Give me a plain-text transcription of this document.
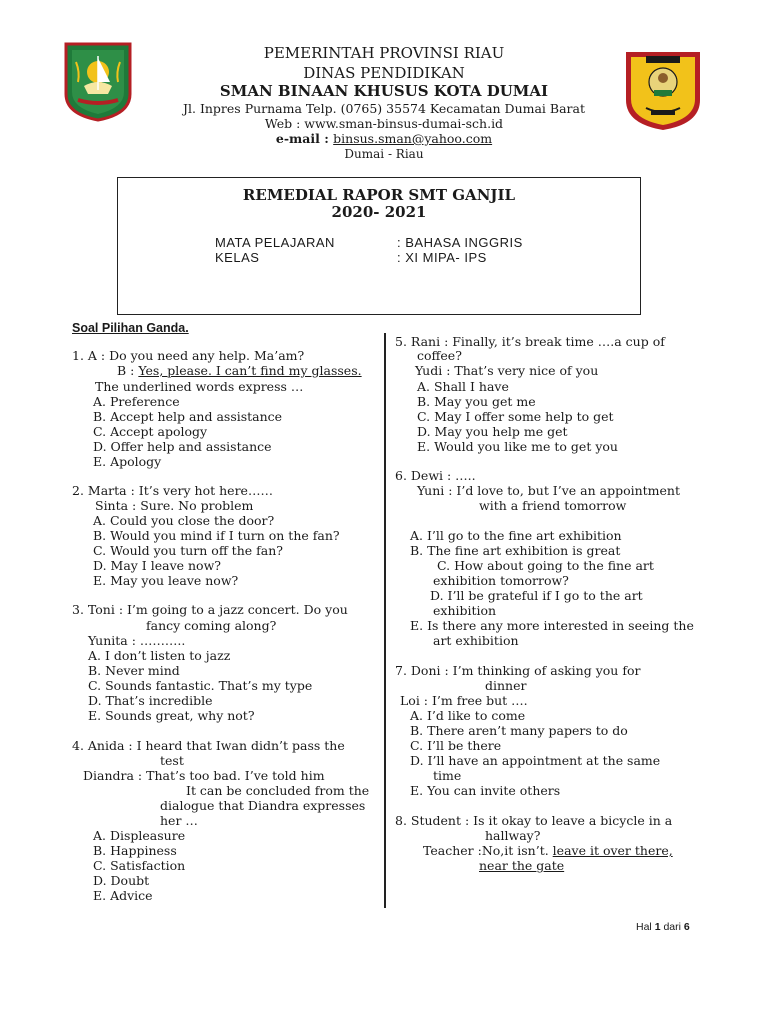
PEMERINTAH PROVINSI RIAU
DINAS PENDIDIKAN
SMAN BINAAN KHUSUS KOTA DUMAI
Jl. Inpres Purnama Telp. (0765) 35574 Kecamatan Dumai Barat
Web : www.sman-binsus-dumai-sch.id
e-mail : binsus.sman@yahoo.com
Dumai - Riau
REMEDIAL RAPOR SMT GANJIL
2020- 2021
MATA PELAJARAN	: BAHASA INGGRIS
KELAS	: XI MIPA- IPS
Soal Pilihan Ganda.
1. A : Do you need any help. Ma’am?
B : Yes, please. I can’t find my glasses.
The underlined words express …
A. Preference
B. Accept help and assistance
C. Accept apology
D. Offer help and assistance
E. Apology
2. Marta : It’s very hot here……
Sinta : Sure. No problem
A. Could you close the door?
B. Would you mind if I turn on the fan?
C. Would you turn off the fan?
D. May I leave now?
E. May you leave now?
3. Toni : I’m going to a jazz concert. Do you
fancy coming along?
Yunita : ………..
A. I don’t listen to jazz
B. Never mind
C. Sounds fantastic. That’s my type
D. That’s incredible
E. Sounds great, why not?
4. Anida : I heard that Iwan didn’t pass the
test
Diandra : That’s too bad. I’ve told him
It can be concluded from the
dialogue that Diandra expresses
her …
A. Displeasure
B. Happiness
C. Satisfaction
D. Doubt
E. Advice
5. Rani : Finally, it’s break time ….a cup of
coffee?
Yudi : That’s very nice of you
A. Shall I have
B. May you get me
C. May I offer some help to get
D. May you help me get
E. Would you like me to get you
6. Dewi : …..
Yuni : I’d love to, but I’ve an appointment
with a friend tomorrow
A. I’ll go to the fine art exhibition
B. The fine art exhibition is great
C. How about going to the fine art
exhibition tomorrow?
D. I’ll be grateful if I go to the art
exhibition
E. Is there any more interested in seeing the
art exhibition
7. Doni : I’m thinking of asking you for
dinner
Loi : I’m free but ….
A. I’d like to come
B. There aren’t many papers to do
C. I’ll be there
D. I’ll have an appointment at the same
time
E. You can invite others
8. Student : Is it okay to leave a bicycle in a
hallway?
Teacher :No,it isn’t. leave it over there,
near the gate
Hal 1 dari 6
